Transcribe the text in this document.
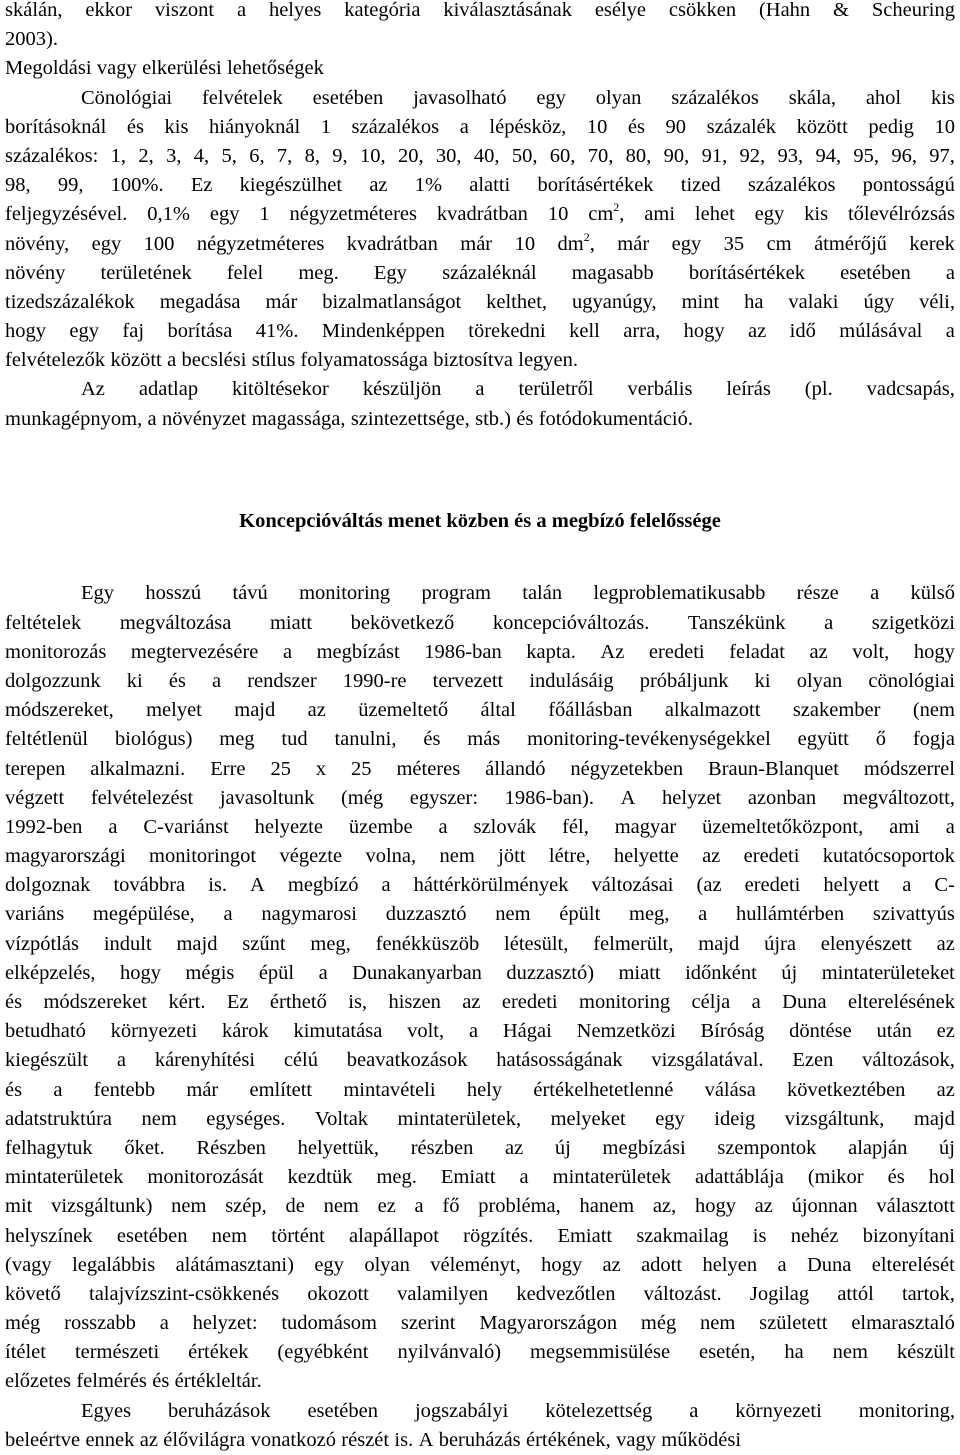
skálán, ekkor viszont a helyes kategória kiválasztásának esélye csökken (Hahn & Scheuring
2003).
Megoldási vagy elkerülési lehetőségek
Cönológiai felvételek esetében javasolható egy olyan százalékos skála, ahol kis
borításoknál és kis hiányoknál 1 százalékos a lépésköz, 10 és 90 százalék között pedig 10
százalékos: 1, 2, 3, 4, 5, 6, 7, 8, 9, 10, 20, 30, 40, 50, 60, 70, 80, 90, 91, 92, 93, 94, 95, 96, 97,
98, 99, 100%. Ez kiegészülhet az 1% alatti borításértékek tized százalékos pontosságú
feljegyzésével. 0,1% egy 1 négyzetméteres kvadrátban 10 $cm^2$, ami lehet egy kis tőlevélrózsás
növény, egy 100 négyzetméteres kvadrátban már 10 $dm^2$, már egy 35 cm átmérőjű kerek
növény területének felel meg. Egy százaléknál magasabb borításértékek esetében a
tizedszázalékok megadása már bizalmatlanságot kelthet, ugyanúgy, mint ha valaki úgy véli,
hogy egy faj borítása 41%. Mindenképpen törekedni kell arra, hogy az idő múlásával a
felvételezők között a becslési stílus folyamatossága biztosítva legyen.
Az adatlap kitöltésekor készüljön a területről verbális leírás (pl. vadcsapás,
munkagépnyom, a növényzet magassága, szintezettsége, stb.) és fotódokumentáció.
Koncepcióváltás menet közben és a megbízó felelőssége
Egy hosszú távú monitoring program talán legproblematikusabb része a külső
feltételek megváltozása miatt bekövetkező koncepcióváltozás. Tanszékünk a szigetközi
monitorozás megtervezésére a megbízást 1986-ban kapta. Az eredeti feladat az volt, hogy
dolgozzunk ki és a rendszer 1990-re tervezett indulásáig próbáljunk ki olyan cönológiai
módszereket, melyet majd az üzemeltető által főállásban alkalmazott szakember (nem
feltétlenül biológus) meg tud tanulni, és más monitoring-tevékenységekkel együtt ő fogja
terepen alkalmazni. Erre 25 x 25 méteres állandó négyzetekben Braun-Blanquet módszerrel
végzett felvételezést javasoltunk (még egyszer: 1986-ban). A helyzet azonban megváltozott,
1992-ben a C-variánst helyezte üzembe a szlovák fél, magyar üzemeltetőközpont, ami a
magyarországi monitoringot végezte volna, nem jött létre, helyette az eredeti kutatócsoportok
dolgoznak továbbra is. A megbízó a háttérkörülmények változásai (az eredeti helyett a C-
variáns megépülése, a nagymarosi duzzasztó nem épült meg, a hullámtérben szivattyús
vízpótlás indult majd szűnt meg, fenékküszöb létesült, felmerült, majd újra elenyészett az
elképzelés, hogy mégis épül a Dunakanyarban duzzasztó) miatt időnként új mintaterületeket
és módszereket kért. Ez érthető is, hiszen az eredeti monitoring célja a Duna elterelésének
betudható környezeti károk kimutatása volt, a Hágai Nemzetközi Bíróság döntése után ez
kiegészült a kárenyhítési célú beavatkozások hatásosságának vizsgálatával. Ezen változások,
és a fentebb már említett mintavételi hely értékelhetetlenné válása következtében az
adatstruktúra nem egységes. Voltak mintaterületek, melyeket egy ideig vizsgáltunk, majd
felhagytuk őket. Részben helyettük, részben az új megbízási szempontok alapján új
mintaterületek monitorozását kezdtük meg. Emiatt a mintaterületek adattáblája (mikor és hol
mit vizsgáltunk) nem szép, de nem ez a fő probléma, hanem az, hogy az újonnan választott
helyszínek esetében nem történt alapállapot rögzítés. Emiatt szakmailag is nehéz bizonyítani
(vagy legalábbis alátámasztani) egy olyan véleményt, hogy az adott helyen a Duna elterelését
követő talajvízszint-csökkenés okozott valamilyen kedvezőtlen változást. Jogilag attól tartok,
még rosszabb a helyzet: tudomásom szerint Magyarországon még nem született elmarasztaló
ítélet természeti értékek (egyébként nyilvánvaló) megsemmisülése esetén, ha nem készült
előzetes felmérés és értékleltár.
Egyes beruházások esetében jogszabályi kötelezettség a környezeti monitoring,
beleértve ennek az élővilágra vonatkozó részét is. A beruházás értékének, vagy működési
